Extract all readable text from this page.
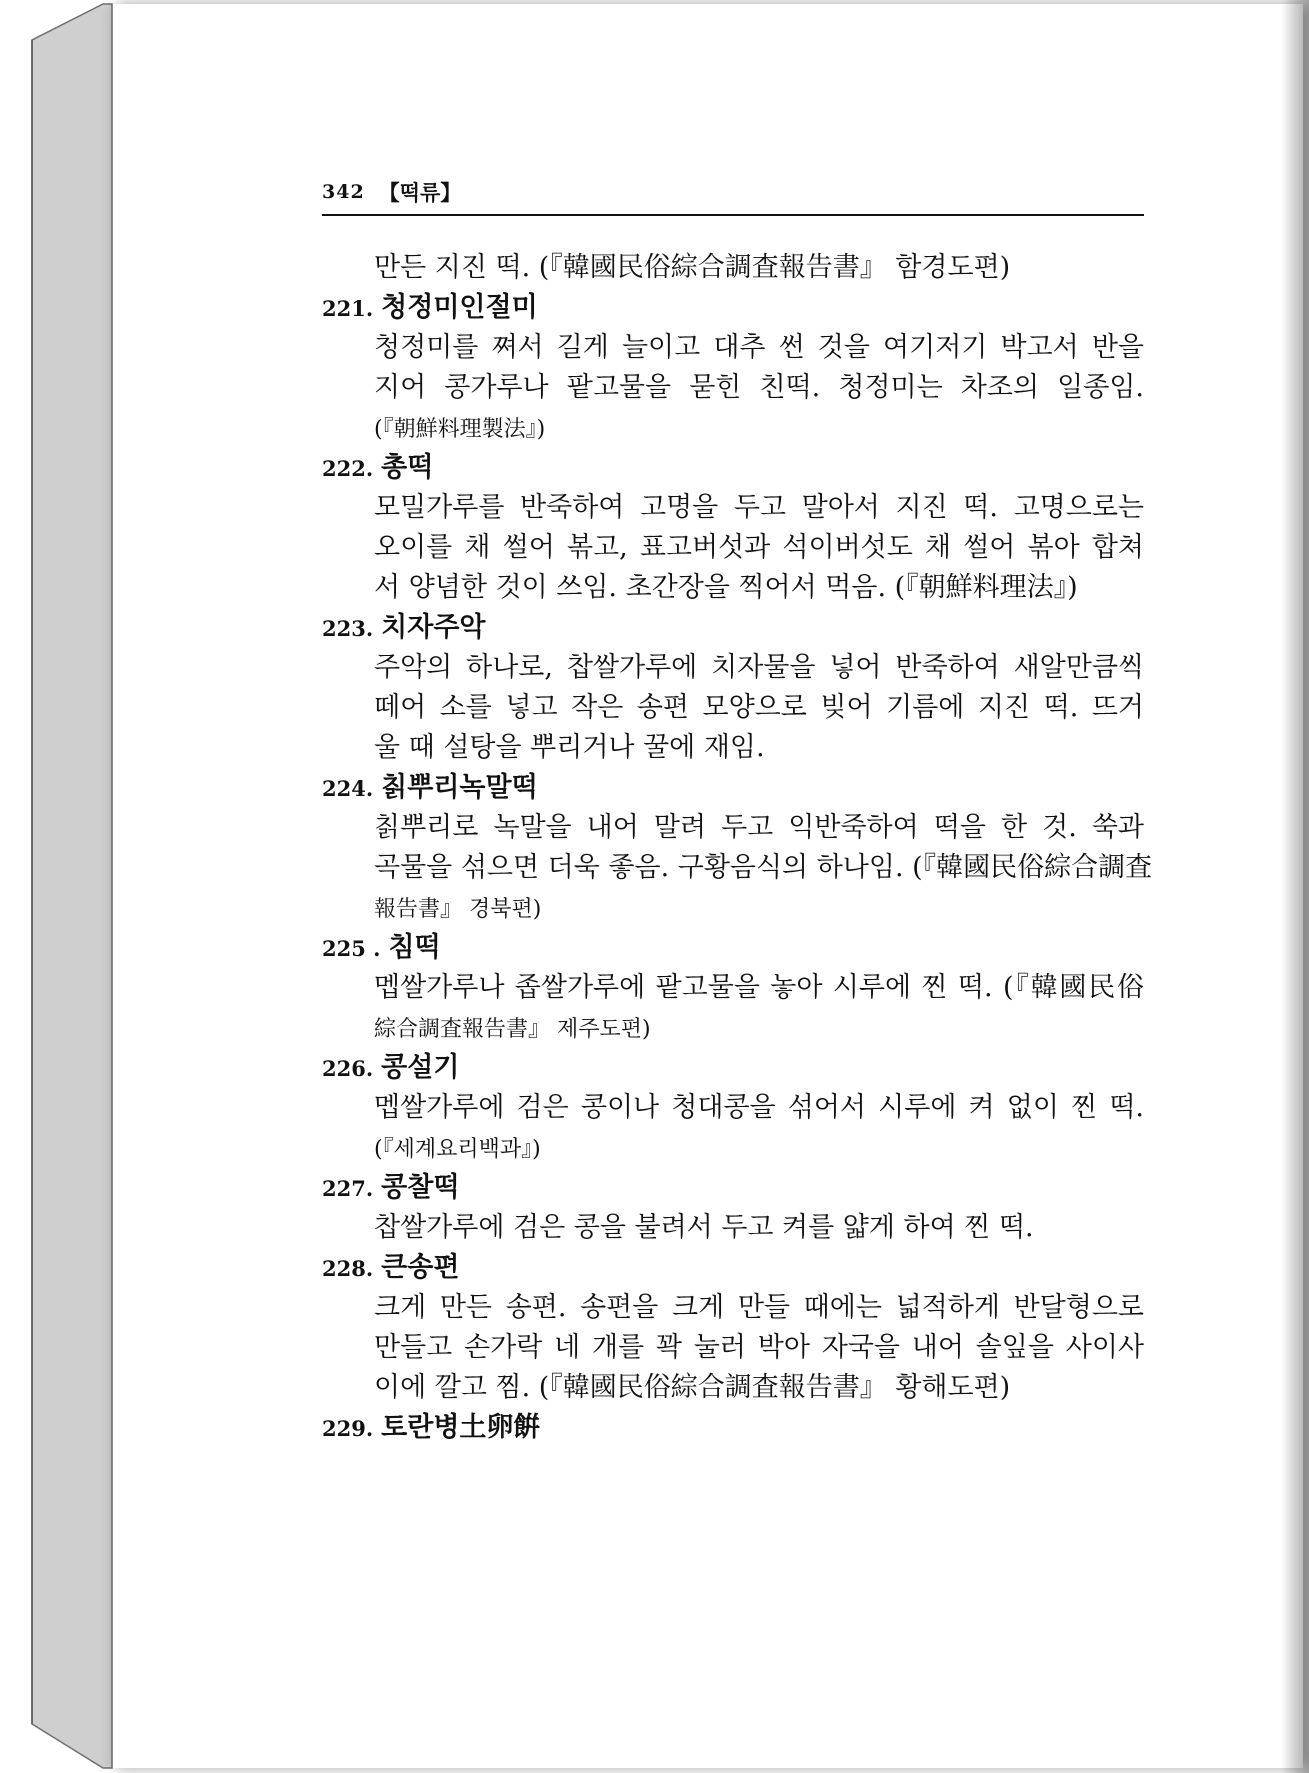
342 【떡류】
만든 지진 떡. (『韓國民俗綜合調査報告書』 함경도편)
221. 청정미인절미
청정미를 쪄서 길게 늘이고 대추 썬 것을 여기저기 박고서 반을
지어 콩가루나 팥고물을 묻힌 친떡. 청정미는 차조의 일종임.
(『朝鮮料理製法』)
222. 총떡
모밀가루를 반죽하여 고명을 두고 말아서 지진 떡. 고명으로는
오이를 채 썰어 볶고, 표고버섯과 석이버섯도 채 썰어 볶아 합쳐
서 양념한 것이 쓰임. 초간장을 찍어서 먹음. (『朝鮮料理法』)
223. 치자주악
주악의 하나로, 찹쌀가루에 치자물을 넣어 반죽하여 새알만큼씩
떼어 소를 넣고 작은 송편 모양으로 빚어 기름에 지진 떡. 뜨거
울 때 설탕을 뿌리거나 꿀에 재임.
224. 칡뿌리녹말떡
칡뿌리로 녹말을 내어 말려 두고 익반죽하여 떡을 한 것. 쑥과
곡물을 섞으면 더욱 좋음. 구황음식의 하나임. (『韓國民俗綜合調査
報告書』 경북편)
225 . 침떡
멥쌀가루나 좁쌀가루에 팥고물을 놓아 시루에 찐 떡. (『韓國民俗
綜合調査報告書』 제주도편)
226. 콩설기
멥쌀가루에 검은 콩이나 청대콩을 섞어서 시루에 켜 없이 찐 떡.
(『세계요리백과』)
227. 콩찰떡
찹쌀가루에 검은 콩을 불려서 두고 켜를 얇게 하여 찐 떡.
228. 큰송편
크게 만든 송편. 송편을 크게 만들 때에는 넓적하게 반달형으로
만들고 손가락 네 개를 꽉 눌러 박아 자국을 내어 솔잎을 사이사
이에 깔고 찜. (『韓國民俗綜合調査報告書』 황해도편)
229. 토란병土卵餠
